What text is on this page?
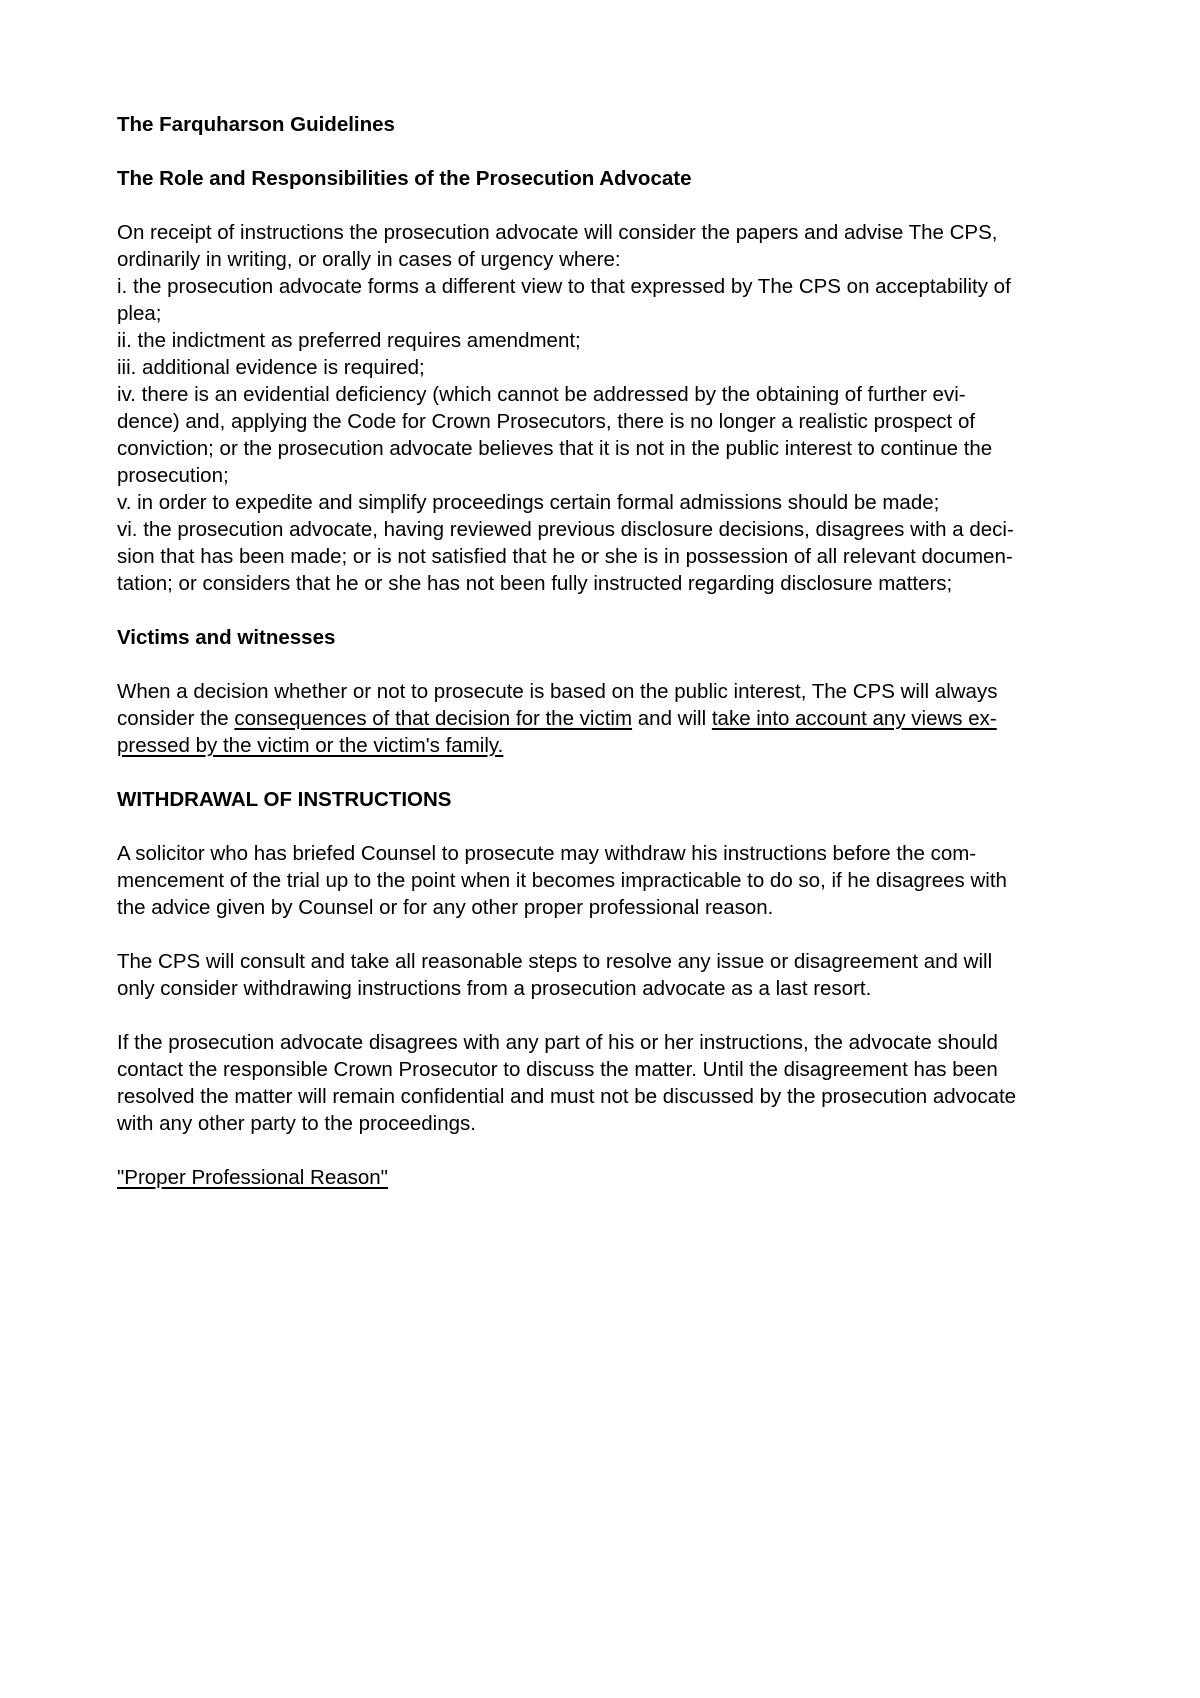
The Farquharson Guidelines

The Role and Responsibilities of the Prosecution Advocate

On receipt of instructions the prosecution advocate will consider the papers and advise The CPS,
ordinarily in writing, or orally in cases of urgency where:
i. the prosecution advocate forms a different view to that expressed by The CPS on acceptability of
plea;
ii. the indictment as preferred requires amendment;
iii. additional evidence is required;
iv. there is an evidential deficiency (which cannot be addressed by the obtaining of further evi-
dence) and, applying the Code for Crown Prosecutors, there is no longer a realistic prospect of
conviction; or the prosecution advocate believes that it is not in the public interest to continue the
prosecution;
v. in order to expedite and simplify proceedings certain formal admissions should be made;
vi. the prosecution advocate, having reviewed previous disclosure decisions, disagrees with a deci-
sion that has been made; or is not satisfied that he or she is in possession of all relevant documen-
tation; or considers that he or she has not been fully instructed regarding disclosure matters;

Victims and witnesses

When a decision whether or not to prosecute is based on the public interest, The CPS will always
consider the consequences of that decision for the victim and will take into account any views ex-
pressed by the victim or the victim's family.

WITHDRAWAL OF INSTRUCTIONS

A solicitor who has briefed Counsel to prosecute may withdraw his instructions before the com-
mencement of the trial up to the point when it becomes impracticable to do so, if he disagrees with
the advice given by Counsel or for any other proper professional reason.
The CPS will consult and take all reasonable steps to resolve any issue or disagreement and will
only consider withdrawing instructions from a prosecution advocate as a last resort.
If the prosecution advocate disagrees with any part of his or her instructions, the advocate should
contact the responsible Crown Prosecutor to discuss the matter. Until the disagreement has been
resolved the matter will remain confidential and must not be discussed by the prosecution advocate
with any other party to the proceedings.
"Proper Professional Reason"
